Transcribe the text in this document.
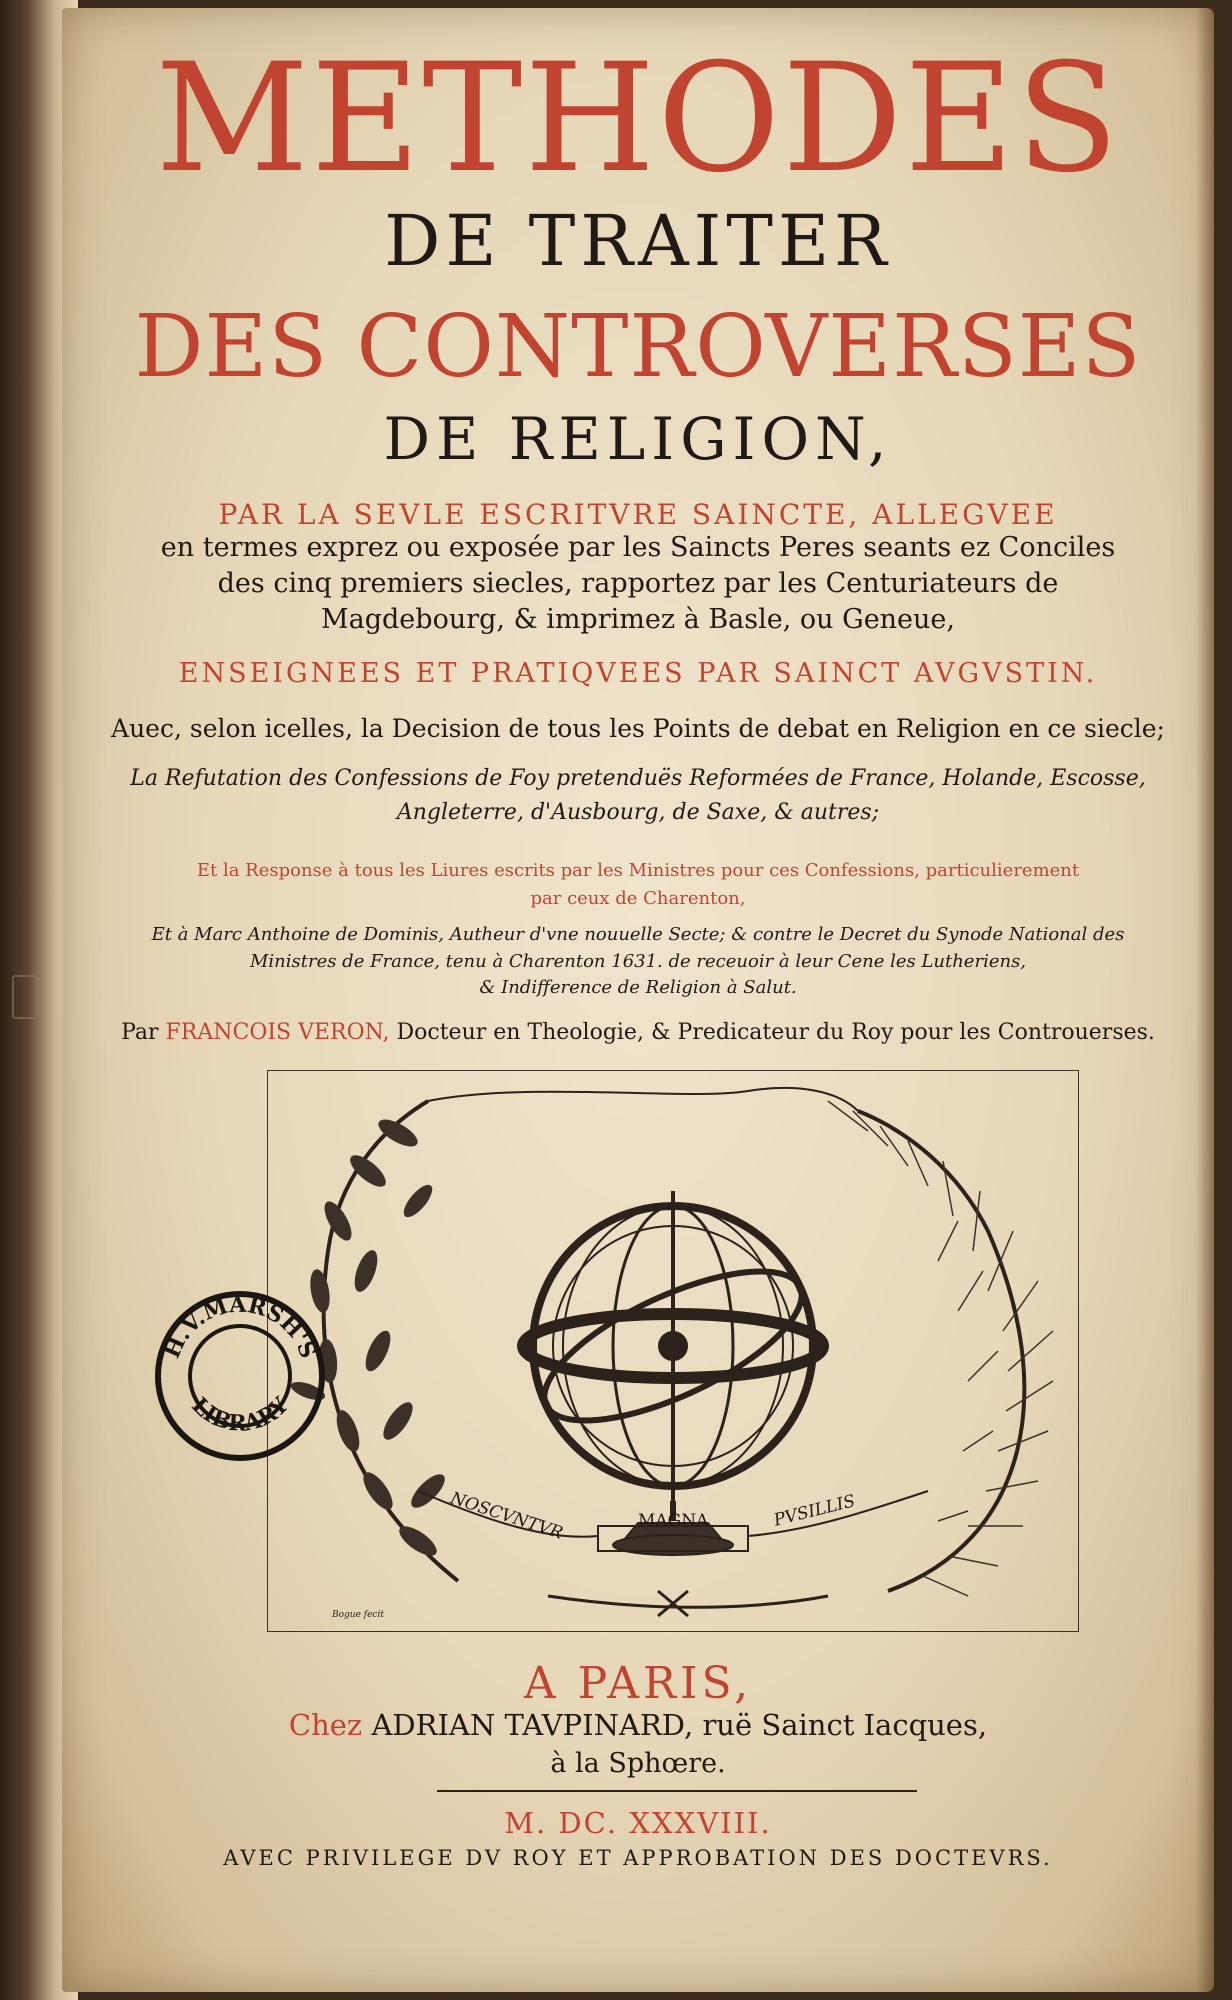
METHODES
DE TRAITER
DES CONTROVERSES
DE RELIGION,
PAR LA SEVLE ESCRITVRE SAINCTE, ALLEGVEE
en termes exprez ou exposée par les Saincts Peres seants ez Conciles
des cinq premiers siecles, rapportez par les Centuriateurs de
Magdebourg, & imprimez à Basle, ou Geneue,
ENSEIGNEES ET PRATIQVEES PAR SAINCT AVGVSTIN.
Auec, selon icelles, la Decision de tous les Points de debat en Religion en ce siecle;
La Refutation des Confessions de Foy pretenduës Reformées de France, Holande, Escosse,
Angleterre, d'Ausbourg, de Saxe, & autres;
Et la Response à tous les Liures escrits par les Ministres pour ces Confessions, particulierement
par ceux de Charenton,
Et à Marc Anthoine de Dominis, Autheur d'vne nouuelle Secte; & contre le Decret du Synode National des
Ministres de France, tenu à Charenton 1631. de receuoir à leur Cene les Lutheriens,
& Indifference de Religion à Salut.
Par FRANCOIS VERON, Docteur en Theologie, & Predicateur du Roy pour les Controuerses.
NOSCVNTVR	MAGNA	PVSILLIS
Bogue fecit
H.V.MARSH'S
LIBRARY
A PARIS,
Chez ADRIAN TAVPINARD, ruë Sainct Iacques,
à la Sphœre.
M. DC. XXXVIII.
AVEC PRIVILEGE DV ROY ET APPROBATION DES DOCTEVRS.
